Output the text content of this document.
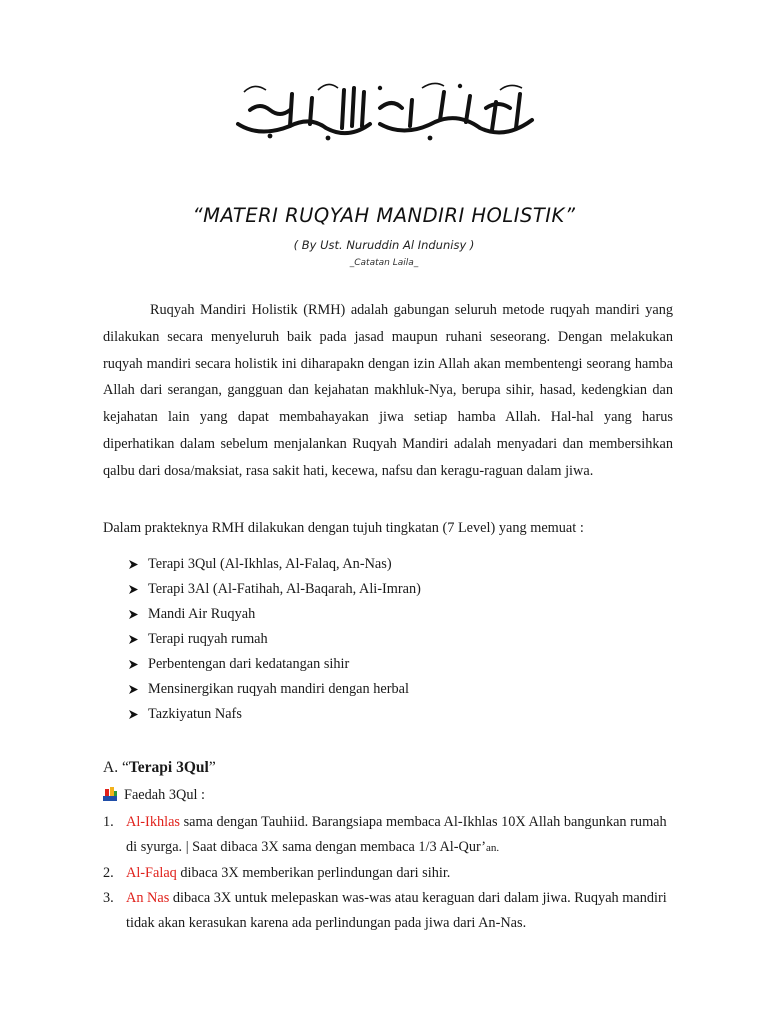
“MATERI RUQYAH MANDIRI HOLISTIK”
( By Ust. Nuruddin Al Indunisy )
_Catatan Laila_
Ruqyah Mandiri Holistik (RMH) adalah gabungan seluruh metode ruqyah mandiri yang dilakukan secara menyeluruh baik pada jasad maupun ruhani seseorang. Dengan melakukan ruqyah mandiri secara holistik ini diharapakn dengan izin Allah akan membentengi seorang hamba Allah dari serangan, gangguan dan kejahatan makhluk-Nya, berupa sihir, hasad, kedengkian dan kejahatan lain yang dapat membahayakan jiwa setiap hamba Allah. Hal-hal yang harus diperhatikan dalam sebelum menjalankan Ruqyah Mandiri adalah menyadari dan membersihkan qalbu dari dosa/maksiat, rasa sakit hati, kecewa, nafsu dan keragu-raguan dalam jiwa.
Dalam prakteknya RMH dilakukan dengan tujuh tingkatan (7 Level) yang memuat :
Terapi 3Qul (Al-Ikhlas, Al-Falaq, An-Nas)
Terapi 3Al (Al-Fatihah, Al-Baqarah, Ali-Imran)
Mandi Air Ruqyah
Terapi ruqyah rumah
Perbentengan dari kedatangan sihir
Mensinergikan ruqyah mandiri dengan herbal
Tazkiyatun Nafs
A. “Terapi 3Qul”
Faedah 3Qul :
1. Al-Ikhlas sama dengan Tauhiid. Barangsiapa membaca Al-Ikhlas 10X Allah bangunkan rumah di syurga. | Saat dibaca 3X sama dengan membaca 1/3 Al-Qur’an.
2. Al-Falaq dibaca 3X memberikan perlindungan dari sihir.
3. An Nas dibaca 3X untuk melepaskan was-was atau keraguan dari dalam jiwa. Ruqyah mandiri tidak akan kerasukan karena ada perlindungan pada jiwa dari An-Nas.
